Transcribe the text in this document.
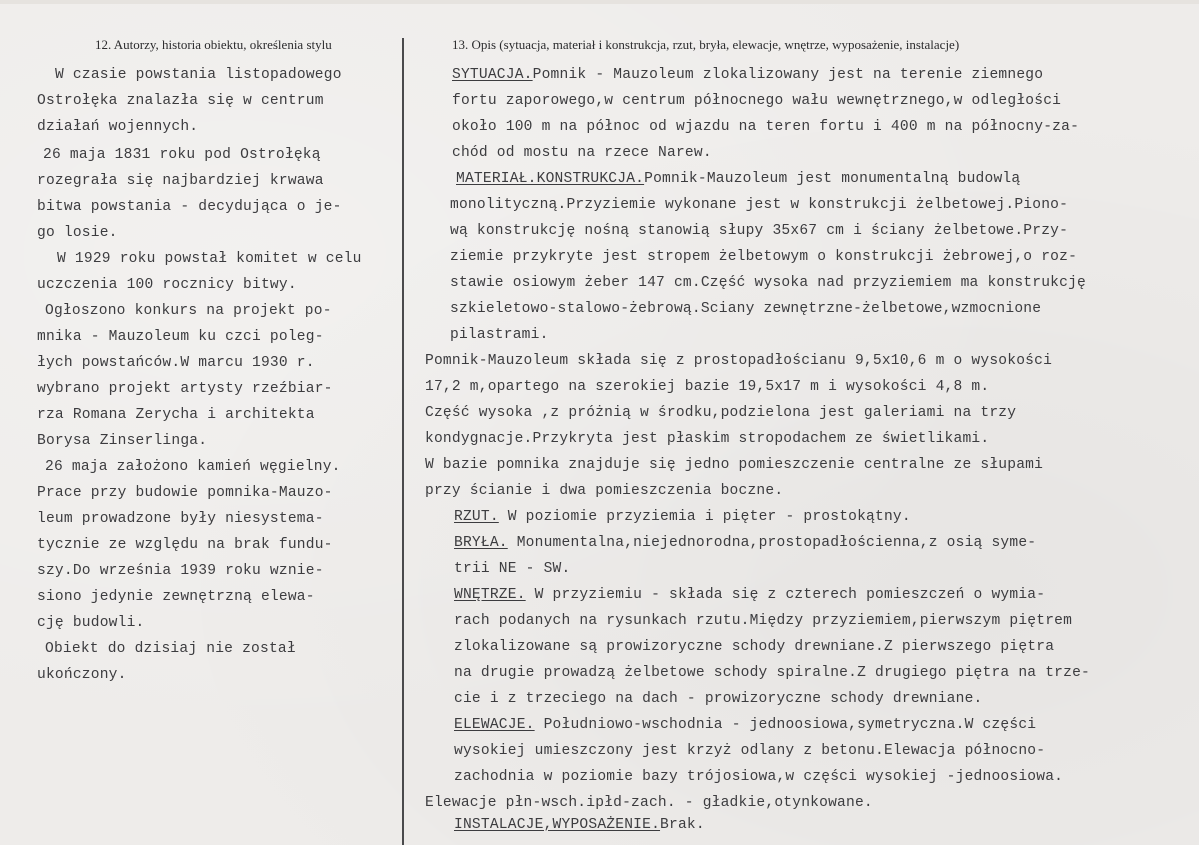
12. Autorzy, historia obiektu, określenia stylu	13. Opis (sytuacja, materiał i konstrukcja, rzut, bryła, elewacje, wnętrze, wyposażenie, instalacje)
W czasie powstania listopadowego
Ostrołęka znalazła się w centrum
działań wojennych.
26 maja 1831 roku pod Ostrołęką
rozegrała się najbardziej krwawa
bitwa powstania - decydująca o je-
go losie.
W 1929 roku powstał komitet w celu
uczczenia 100 rocznicy bitwy.
Ogłoszono konkurs na projekt po-
mnika - Mauzoleum ku czci poleg-
łych powstańców.W marcu 1930 r.
wybrano projekt artysty rzeźbiar-
rza Romana Zerycha i architekta
Borysa Zinserlinga.
26 maja założono kamień węgielny.
Prace przy budowie pomnika-Mauzo-
leum prowadzone były niesystema-
tycznie ze względu na brak fundu-
szy.Do września 1939 roku wznie-
siono jedynie zewnętrzną elewa-
cję budowli.
Obiekt do dzisiaj nie został
ukończony.
SYTUACJA.Pomnik - Mauzoleum zlokalizowany jest na terenie ziemnego
fortu zaporowego,w centrum północnego wału wewnętrznego,w odległości
około 100 m na północ od wjazdu na teren fortu i 400 m na północny-za-
chód od mostu na rzece Narew.
MATERIAŁ.KONSTRUKCJA.Pomnik-Mauzoleum jest monumentalną budowlą
monolityczną.Przyziemie wykonane jest w konstrukcji żelbetowej.Piono-
wą konstrukcję nośną stanowią słupy 35x67 cm i ściany żelbetowe.Przy-
ziemie przykryte jest stropem żelbetowym o konstrukcji żebrowej,o roz-
stawie osiowym żeber 147 cm.Część wysoka nad przyziemiem ma konstrukcję
szkieletowo-stalowo-żebrową.Sciany zewnętrzne-żelbetowe,wzmocnione
pilastrami.
Pomnik-Mauzoleum składa się z prostopadłościanu 9,5x10,6 m o wysokości
17,2 m,opartego na szerokiej bazie 19,5x17 m i wysokości 4,8 m.
Część wysoka ,z próżnią w środku,podzielona jest galeriami na trzy
kondygnacje.Przykryta jest płaskim stropodachem ze świetlikami.
W bazie pomnika znajduje się jedno pomieszczenie centralne ze słupami
przy ścianie i dwa pomieszczenia boczne.
RZUT. W poziomie przyziemia i pięter - prostokątny.
BRYŁA. Monumentalna,niejednorodna,prostopadłościenna,z osią syme-
trii NE - SW.
WNĘTRZE. W przyziemiu - składa się z czterech pomieszczeń o wymia-
rach podanych na rysunkach rzutu.Między przyziemiem,pierwszym piętrem
zlokalizowane są prowizoryczne schody drewniane.Z pierwszego piętra
na drugie prowadzą żelbetowe schody spiralne.Z drugiego piętra na trze-
cie i z trzeciego na dach - prowizoryczne schody drewniane.
ELEWACJE. Południowo-wschodnia - jednoosiowa,symetryczna.W części
wysokiej umieszczony jest krzyż odlany z betonu.Elewacja północno-
zachodnia w poziomie bazy trójosiowa,w części wysokiej -jednoosiowa.
Elewacje płn-wsch.ipłd-zach. - gładkie,otynkowane.
INSTALACJE,WYPOSAŻENIE.Brak.
